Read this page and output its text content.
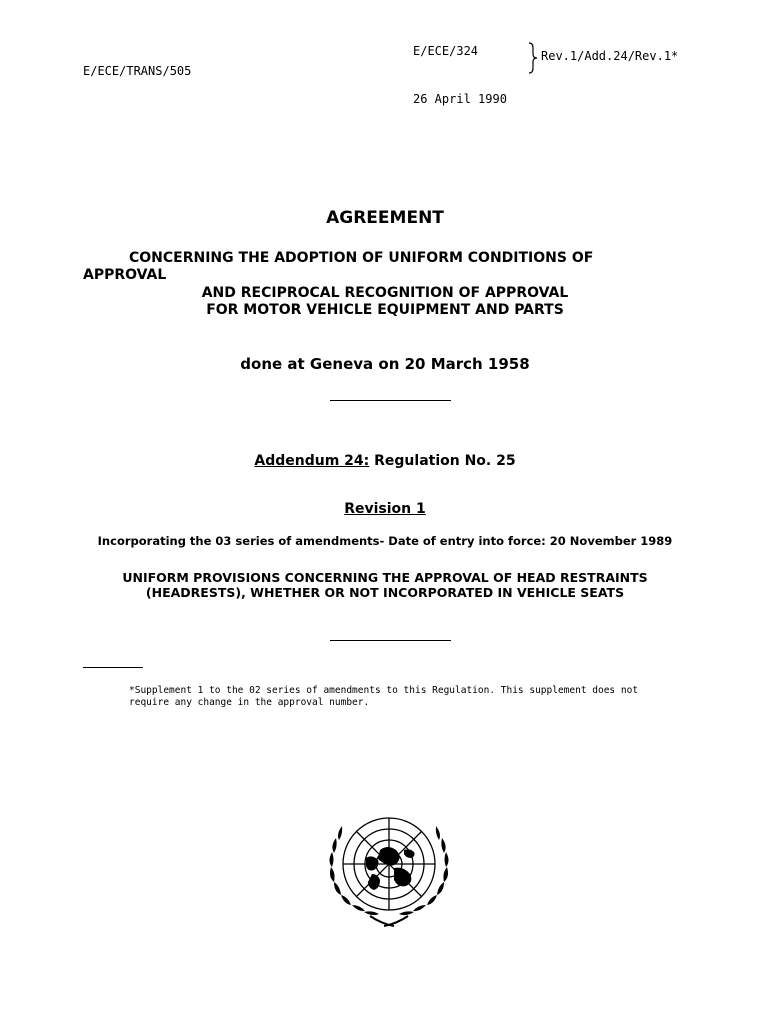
E/ECE/324
E/ECE/TRANS/505
Rev.1/Add.24/Rev.1*
26 April 1990
AGREEMENT
CONCERNING THE ADOPTION OF UNIFORM CONDITIONS OF
APPROVAL
AND RECIPROCAL RECOGNITION OF APPROVAL
FOR MOTOR VEHICLE EQUIPMENT AND PARTS
done at Geneva on 20 March 1958
Addendum 24: Regulation No. 25
Revision 1
Incorporating the 03 series of amendments- Date of entry into force: 20 November 1989
UNIFORM PROVISIONS CONCERNING THE APPROVAL OF HEAD RESTRAINTS
(HEADRESTS), WHETHER OR NOT INCORPORATED IN VEHICLE SEATS
*Supplement 1 to the 02 series of amendments to this Regulation. This supplement does not
require any change in the approval number.
